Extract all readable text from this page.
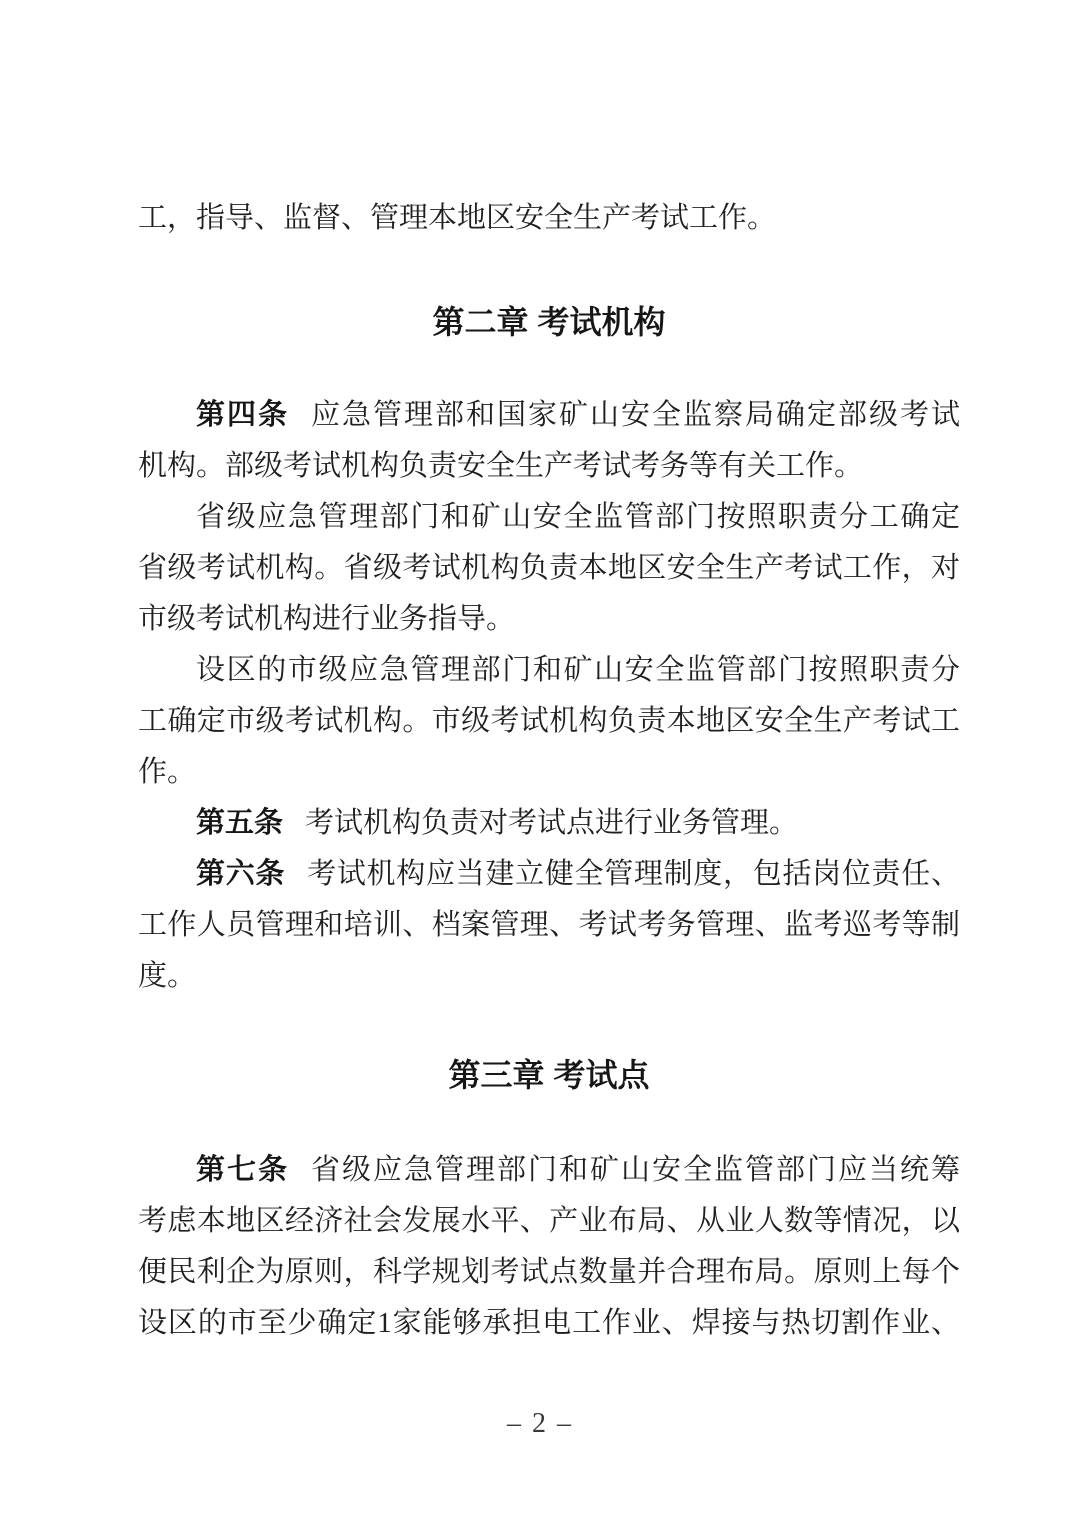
工，指导、监督、管理本地区安全生产考试工作。
第二章 考试机构
第四条 应急管理部和国家矿山安全监察局确定部级考试
机构。部级考试机构负责安全生产考试考务等有关工作。
省级应急管理部门和矿山安全监管部门按照职责分工确定
省级考试机构。省级考试机构负责本地区安全生产考试工作，对
市级考试机构进行业务指导。
设区的市级应急管理部门和矿山安全监管部门按照职责分
工确定市级考试机构。市级考试机构负责本地区安全生产考试工
作。
第五条 考试机构负责对考试点进行业务管理。
第六条 考试机构应当建立健全管理制度，包括岗位责任、
工作人员管理和培训、档案管理、考试考务管理、监考巡考等制
度。
第三章 考试点
第七条 省级应急管理部门和矿山安全监管部门应当统筹
考虑本地区经济社会发展水平、产业布局、从业人数等情况，以
便民利企为原则，科学规划考试点数量并合理布局。原则上每个
设区的市至少确定1家能够承担电工作业、焊接与热切割作业、
– 2 –
